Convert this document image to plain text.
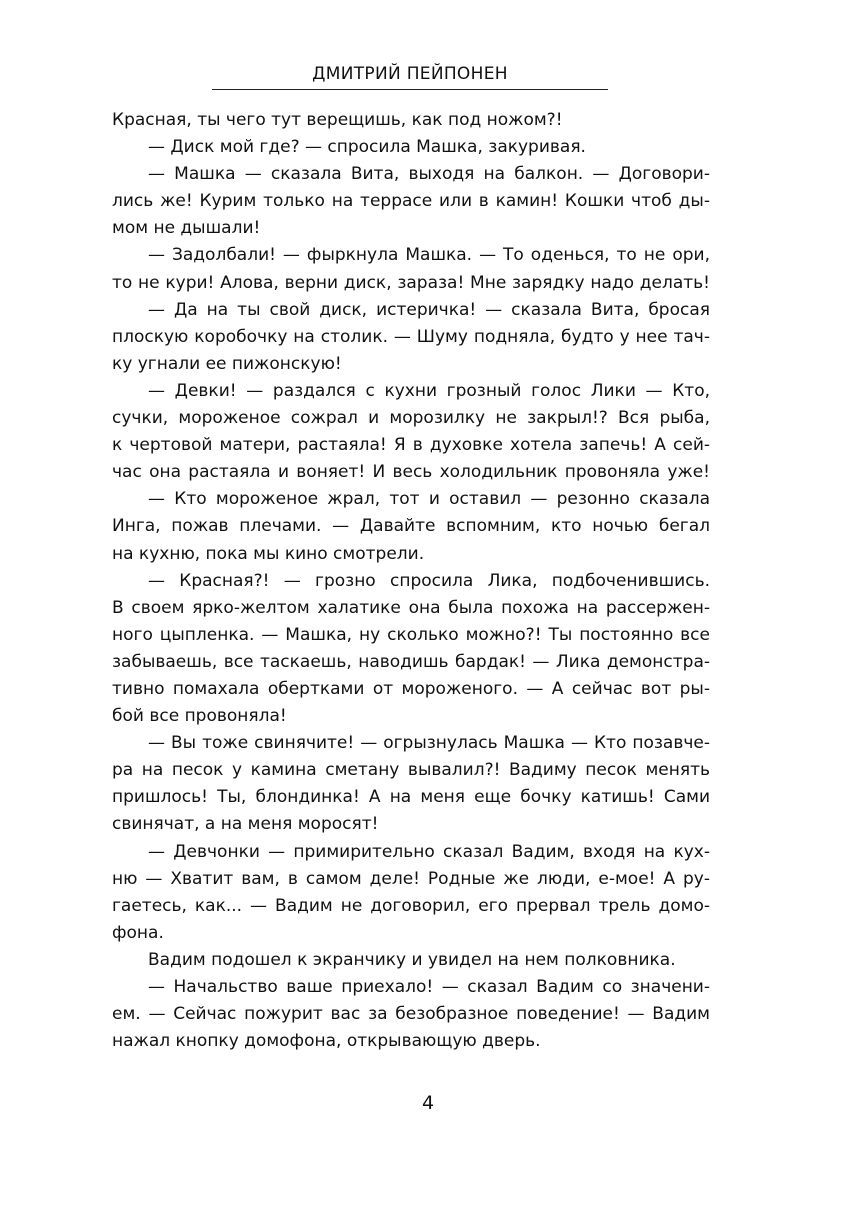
ДМИТРИЙ ПЕЙПОНЕН
Красная, ты чего тут верещишь, как под ножом?!
— Диск мой где? — спросила Машка, закуривая.
— Машка — сказала Вита, выходя на балкон. — Договори-
лись же! Курим только на террасе или в камин! Кошки чтоб ды-
мом не дышали!
— Задолбали! — фыркнула Машка. — То оденься, то не ори,
то не кури! Алова, верни диск, зараза! Мне зарядку надо делать!
— Да на ты свой диск, истеричка! — сказала Вита, бросая
плоскую коробочку на столик. — Шуму подняла, будто у нее тач-
ку угнали ее пижонскую!
— Девки! — раздался с кухни грозный голос Лики — Кто,
сучки, мороженое сожрал и морозилку не закрыл!? Вся рыба,
к чертовой матери, растаяла! Я в духовке хотела запечь! А сей-
час она растаяла и воняет! И весь холодильник провоняла уже!
— Кто мороженое жрал, тот и оставил — резонно сказала
Инга, пожав плечами. — Давайте вспомним, кто ночью бегал
на кухню, пока мы кино смотрели.
— Красная?! — грозно спросила Лика, подбоченившись.
В своем ярко-желтом халатике она была похожа на рассержен-
ного цыпленка. — Машка, ну сколько можно?! Ты постоянно все
забываешь, все таскаешь, наводишь бардак! — Лика демонстра-
тивно помахала обертками от мороженого. — А сейчас вот ры-
бой все провоняла!
— Вы тоже свинячите! — огрызнулась Машка — Кто позавче-
ра на песок у камина сметану вывалил?! Вадиму песок менять
пришлось! Ты, блондинка! А на меня еще бочку катишь! Сами
свинячат, а на меня моросят!
— Девчонки — примирительно сказал Вадим, входя на кух-
ню — Хватит вам, в самом деле! Родные же люди, е-мое! А ру-
гаетесь, как... — Вадим не договорил, его прервал трель домо-
фона.
Вадим подошел к экранчику и увидел на нем полковника.
— Начальство ваше приехало! — сказал Вадим со значени-
ем. — Сейчас пожурит вас за безобразное поведение! — Вадим
нажал кнопку домофона, открывающую дверь.
4
